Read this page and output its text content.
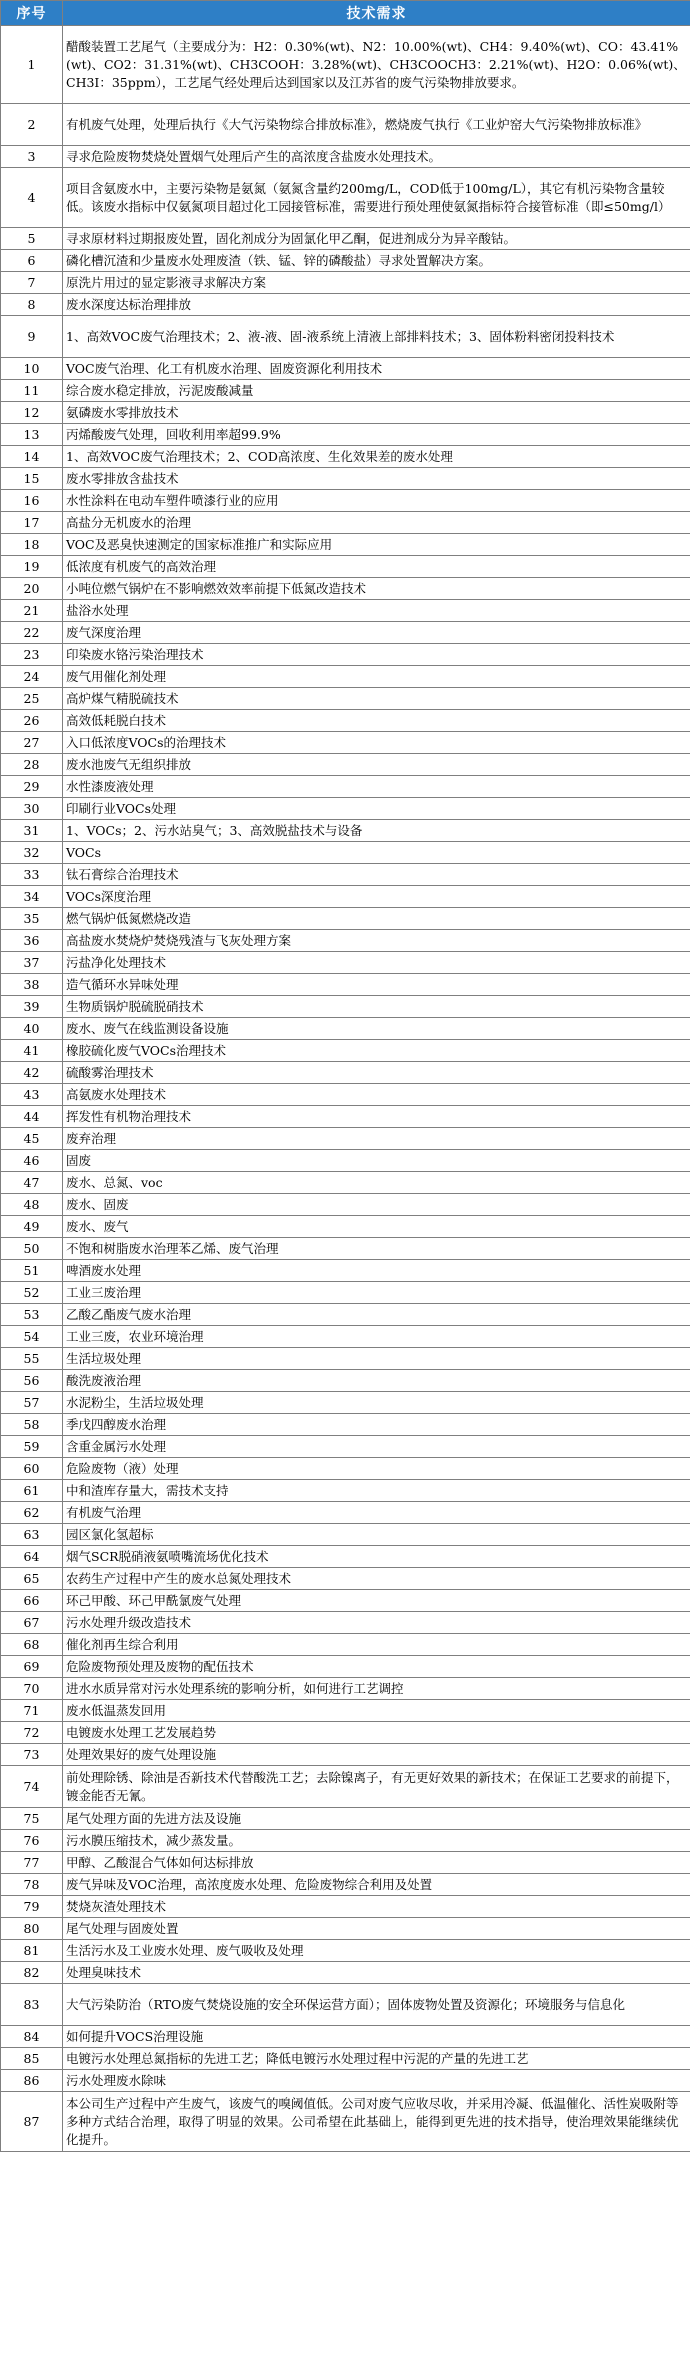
序号	技术需求
1	醋酸装置工艺尾气（主要成分为：H2：0.30%(wt)、N2：10.00%(wt)、CH4：9.40%(wt)、CO：43.41%(wt)、CO2：31.31%(wt)、CH3COOH：3.28%(wt)、CH3COOCH3：2.21%(wt)、H2O：0.06%(wt)、CH3I：35ppm），工艺尾气经处理后达到国家以及江苏省的废气污染物排放要求。
2	有机废气处理，处理后执行《大气污染物综合排放标准》，燃烧废气执行《工业炉窑大气污染物排放标准》
3	寻求危险废物焚烧处置烟气处理后产生的高浓度含盐废水处理技术。
4	项目含氨废水中，主要污染物是氨氮（氨氮含量约200mg/L，COD低于100mg/L），其它有机污染物含量较低。该废水指标中仅氨氮项目超过化工园接管标准，需要进行预处理使氨氮指标符合接管标准（即≤50mg/l）
5	寻求原材料过期报废处置，固化剂成分为固氯化甲乙酮，促进剂成分为异辛酸钴。
6	磷化槽沉渣和少量废水处理废渣（铁、锰、锌的磷酸盐）寻求处置解决方案。
7	原洗片用过的显定影液寻求解决方案
8	废水深度达标治理排放
9	1、高效VOC废气治理技术；2、液-液、固-液系统上清液上部排料技术；3、固体粉料密闭投料技术
10	VOC废气治理、化工有机废水治理、固废资源化利用技术
11	综合废水稳定排放，污泥废酸减量
12	氨磷废水零排放技术
13	丙烯酸废气处理，回收利用率超99.9%
14	1、高效VOC废气治理技术；2、COD高浓度、生化效果差的废水处理
15	废水零排放含盐技术
16	水性涂料在电动车塑件喷漆行业的应用
17	高盐分无机废水的治理
18	VOC及恶臭快速测定的国家标准推广和实际应用
19	低浓度有机废气的高效治理
20	小吨位燃气锅炉在不影响燃效效率前提下低氮改造技术
21	盐浴水处理
22	废气深度治理
23	印染废水铬污染治理技术
24	废气用催化剂处理
25	高炉煤气精脱硫技术
26	高效低耗脱白技术
27	入口低浓度VOCs的治理技术
28	废水池废气无组织排放
29	水性漆废液处理
30	印刷行业VOCs处理
31	1、VOCs；2、污水站臭气；3、高效脱盐技术与设备
32	VOCs
33	钛石膏综合治理技术
34	VOCs深度治理
35	燃气锅炉低氮燃烧改造
36	高盐废水焚烧炉焚烧残渣与飞灰处理方案
37	污盐净化处理技术
38	造气循环水异味处理
39	生物质锅炉脱硫脱硝技术
40	废水、废气在线监测设备设施
41	橡胶硫化废气VOCs治理技术
42	硫酸雾治理技术
43	高氨废水处理技术
44	挥发性有机物治理技术
45	废弃治理
46	固废
47	废水、总氮、voc
48	废水、固废
49	废水、废气
50	不饱和树脂废水治理苯乙烯、废气治理
51	啤酒废水处理
52	工业三废治理
53	乙酸乙酯废气废水治理
54	工业三废，农业环境治理
55	生活垃圾处理
56	酸洗废液治理
57	水泥粉尘，生活垃圾处理
58	季戊四醇废水治理
59	含重金属污水处理
60	危险废物（液）处理
61	中和渣库存量大，需技术支持
62	有机废气治理
63	园区氯化氢超标
64	烟气SCR脱硝液氨喷嘴流场优化技术
65	农药生产过程中产生的废水总氮处理技术
66	环己甲酸、环己甲酰氯废气处理
67	污水处理升级改造技术
68	催化剂再生综合利用
69	危险废物预处理及废物的配伍技术
70	进水水质异常对污水处理系统的影响分析，如何进行工艺调控
71	废水低温蒸发回用
72	电镀废水处理工艺发展趋势
73	处理效果好的废气处理设施
74	前处理除锈、除油是否新技术代替酸洗工艺；去除镍离子，有无更好效果的新技术；在保证工艺要求的前提下，镀金能否无氰。
75	尾气处理方面的先进方法及设施
76	污水膜压缩技术，减少蒸发量。
77	甲醇、乙酸混合气体如何达标排放
78	废气异味及VOC治理，高浓度废水处理、危险废物综合利用及处置
79	焚烧灰渣处理技术
80	尾气处理与固废处置
81	生活污水及工业废水处理、废气吸收及处理
82	处理臭味技术
83	大气污染防治（RTO废气焚烧设施的安全环保运营方面）；固体废物处置及资源化；环境服务与信息化
84	如何提升VOCS治理设施
85	电镀污水处理总氮指标的先进工艺；降低电镀污水处理过程中污泥的产量的先进工艺
86	污水处理废水除味
87	本公司生产过程中产生废气，该废气的嗅阈值低。公司对废气应收尽收，并采用冷凝、低温催化、活性炭吸附等多种方式结合治理，取得了明显的效果。公司希望在此基础上，能得到更先进的技术指导，使治理效果能继续优化提升。
